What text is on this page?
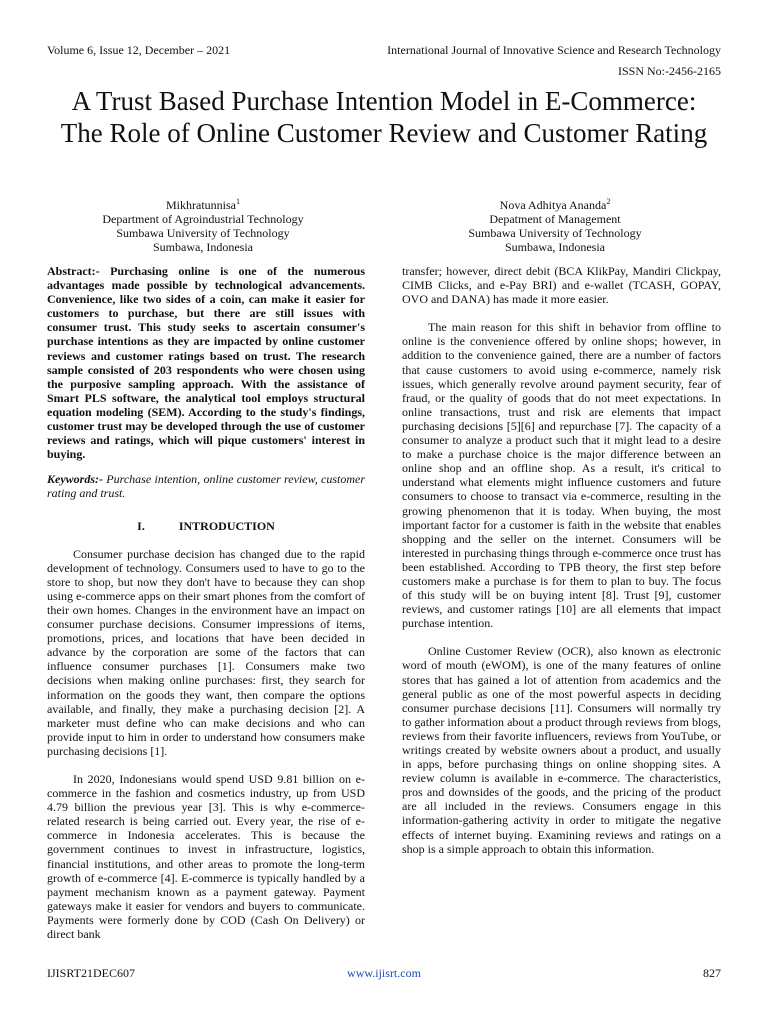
Volume 6, Issue 12, December – 2021	International Journal of Innovative Science and Research Technology
ISSN No:-2456-2165
A Trust Based Purchase Intention Model in E-Commerce: The Role of Online Customer Review and Customer Rating
Mikhratunnisa$^1$
Department of Agroindustrial Technology
Sumbawa University of Technology
Sumbawa, Indonesia
Nova Adhitya Ananda$^2$
Depatment of Management
Sumbawa University of Technology
Sumbawa, Indonesia

Abstract:- Purchasing online is one of the numerous advantages made possible by technological advancements. Convenience, like two sides of a coin, can make it easier for customers to purchase, but there are still issues with consumer trust. This study seeks to ascertain consumer's purchase intentions as they are impacted by online customer reviews and customer ratings based on trust. The research sample consisted of 203 respondents who were chosen using the purposive sampling approach. With the assistance of Smart PLS software, the analytical tool employs structural equation modeling (SEM). According to the study's findings, customer trust may be developed through the use of customer reviews and ratings, which will pique customers' interest in buying.

Keywords:- Purchase intention, online customer review, customer rating and trust.

I.	INTRODUCTION

Consumer purchase decision has changed due to the rapid development of technology. Consumers used to have to go to the store to shop, but now they don't have to because they can shop using e-commerce apps on their smart phones from the comfort of their own homes. Changes in the environment have an impact on consumer purchase decisions. Consumer impressions of items, promotions, prices, and locations that have been decided in advance by the corporation are some of the factors that can influence consumer purchases [1]. Consumers make two decisions when making online purchases: first, they search for information on the goods they want, then compare the options available, and finally, they make a purchasing decision [2]. A marketer must define who can make decisions and who can provide input to him in order to understand how consumers make purchasing decisions [1].

In 2020, Indonesians would spend USD 9.81 billion on e-commerce in the fashion and cosmetics industry, up from USD 4.79 billion the previous year [3]. This is why e-commerce-related research is being carried out. Every year, the rise of e-commerce in Indonesia accelerates. This is because the government continues to invest in infrastructure, logistics, financial institutions, and other areas to promote the long-term growth of e-commerce [4]. E-commerce is typically handled by a payment mechanism known as a payment gateway. Payment gateways make it easier for vendors and buyers to communicate. Payments were formerly done by COD (Cash On Delivery) or direct bank

transfer; however, direct debit (BCA KlikPay, Mandiri Clickpay, CIMB Clicks, and e-Pay BRI) and e-wallet (TCASH, GOPAY, OVO and DANA) has made it more easier.

The main reason for this shift in behavior from offline to online is the convenience offered by online shops; however, in addition to the convenience gained, there are a number of factors that cause customers to avoid using e-commerce, namely risk issues, which generally revolve around payment security, fear of fraud, or the quality of goods that do not meet expectations. In online transactions, trust and risk are elements that impact purchasing decisions [5][6] and repurchase [7]. The capacity of a consumer to analyze a product such that it might lead to a desire to make a purchase choice is the major difference between an online shop and an offline shop. As a result, it's critical to understand what elements might influence customers and future consumers to choose to transact via e-commerce, resulting in the growing phenomenon that it is today. When buying, the most important factor for a customer is faith in the website that enables shopping and the seller on the internet. Consumers will be interested in purchasing things through e-commerce once trust has been established. According to TPB theory, the first step before customers make a purchase is for them to plan to buy. The focus of this study will be on buying intent [8]. Trust [9], customer reviews, and customer ratings [10] are all elements that impact purchase intention.

Online Customer Review (OCR), also known as electronic word of mouth (eWOM), is one of the many features of online stores that has gained a lot of attention from academics and the general public as one of the most powerful aspects in deciding consumer purchase decisions [11]. Consumers will normally try to gather information about a product through reviews from blogs, reviews from their favorite influencers, reviews from YouTube, or writings created by website owners about a product, and usually in apps, before purchasing things on online shopping sites. A review column is available in e-commerce. The characteristics, pros and downsides of the goods, and the pricing of the product are all included in the reviews. Consumers engage in this information-gathering activity in order to mitigate the negative effects of internet buying. Examining reviews and ratings on a shop is a simple approach to obtain this information.

IJISRT21DEC607	www.ijisrt.com	827
